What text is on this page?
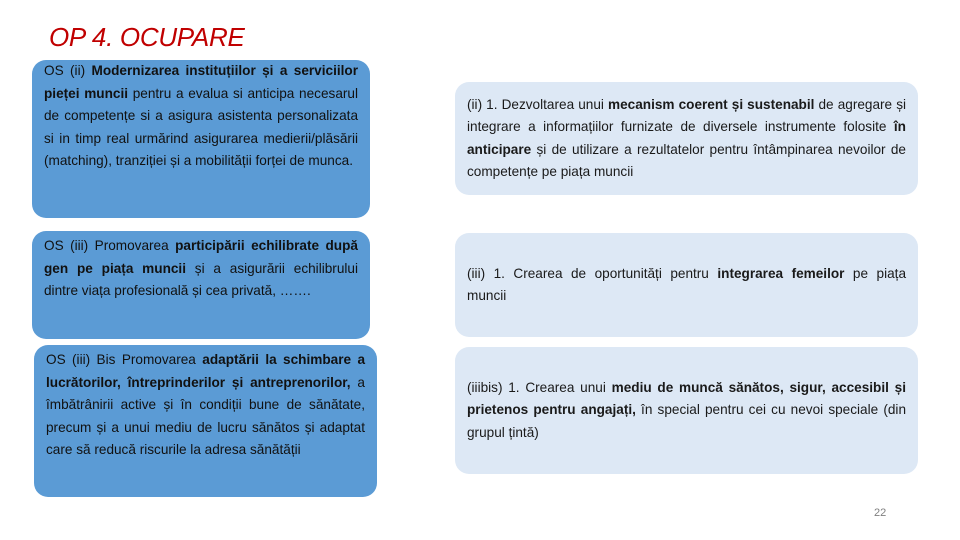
OP 4. OCUPARE
OS (ii) Modernizarea instituțiilor și a serviciilor pieței muncii pentru a evalua si anticipa necesarul de competențe si a asigura asistenta personalizata si in timp real urmărind asigurarea medierii/plăsării (matching), tranziției și a mobilității forței de munca.
OS (iii) Promovarea participării echilibrate după gen pe piața muncii și a asigurării echilibrului dintre viața profesională și cea privată, …….
OS (iii) Bis Promovarea adaptării la schimbare a lucrătorilor, întreprinderilor și antreprenorilor, a îmbătrânirii active și în condiții bune de sănătate, precum și a unui mediu de lucru sănătos și adaptat care să reducă riscurile la adresa sănătății
(ii) 1. Dezvoltarea unui mecanism coerent și sustenabil de agregare și integrare a informațiilor furnizate de diversele instrumente folosite în anticipare și de utilizare a rezultatelor pentru întâmpinarea nevoilor de competențe pe piața muncii
(iii) 1. Crearea de oportunități pentru integrarea femeilor pe piața muncii
(iiibis) 1. Crearea unui mediu de muncă sănătos, sigur, accesibil și prietenos pentru angajați, în special pentru cei cu nevoi speciale (din grupul țintă)
22
